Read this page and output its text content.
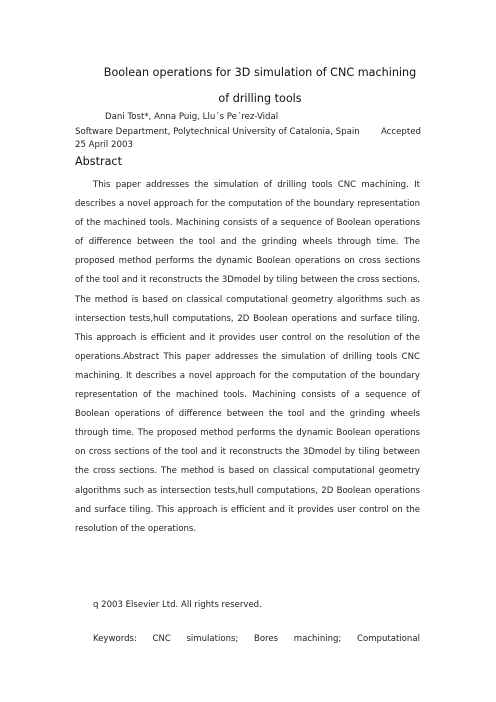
Boolean operations for 3D simulation of CNC machining
of drilling tools
Dani Tost*, Anna Puig, Llu´s Pe´rez-Vidal
Software Department, Polytechnical University of Catalonia, Spain Accepted
25 April 2003
Abstract

This paper addresses the simulation of drilling tools CNC machining. It describes a novel approach for the computation of the boundary representation of the machined tools. Machining consists of a sequence of Boolean operations of difference between the tool and the grinding wheels through time. The proposed method performs the dynamic Boolean operations on cross sections of the tool and it reconstructs the 3Dmodel by tiling between the cross sections. The method is based on classical computational geometry algorithms such as intersection tests,hull computations, 2D Boolean operations and surface tiling. This approach is efficient and it provides user control on the resolution of the operations.Abstract This paper addresses the simulation of drilling tools CNC machining. It describes a novel approach for the computation of the boundary representation of the machined tools. Machining consists of a sequence of Boolean operations of difference between the tool and the grinding wheels through time. The proposed method performs the dynamic Boolean operations on cross sections of the tool and it reconstructs the 3Dmodel by tiling between the cross sections. The method is based on classical computational geometry algorithms such as intersection tests,hull computations, 2D Boolean operations and surface tiling. This approach is efficient and it provides user control on the resolution of the operations.

q 2003 Elsevier Ltd. All rights reserved.
Keywords: CNC simulations; Bores machining; Computational
